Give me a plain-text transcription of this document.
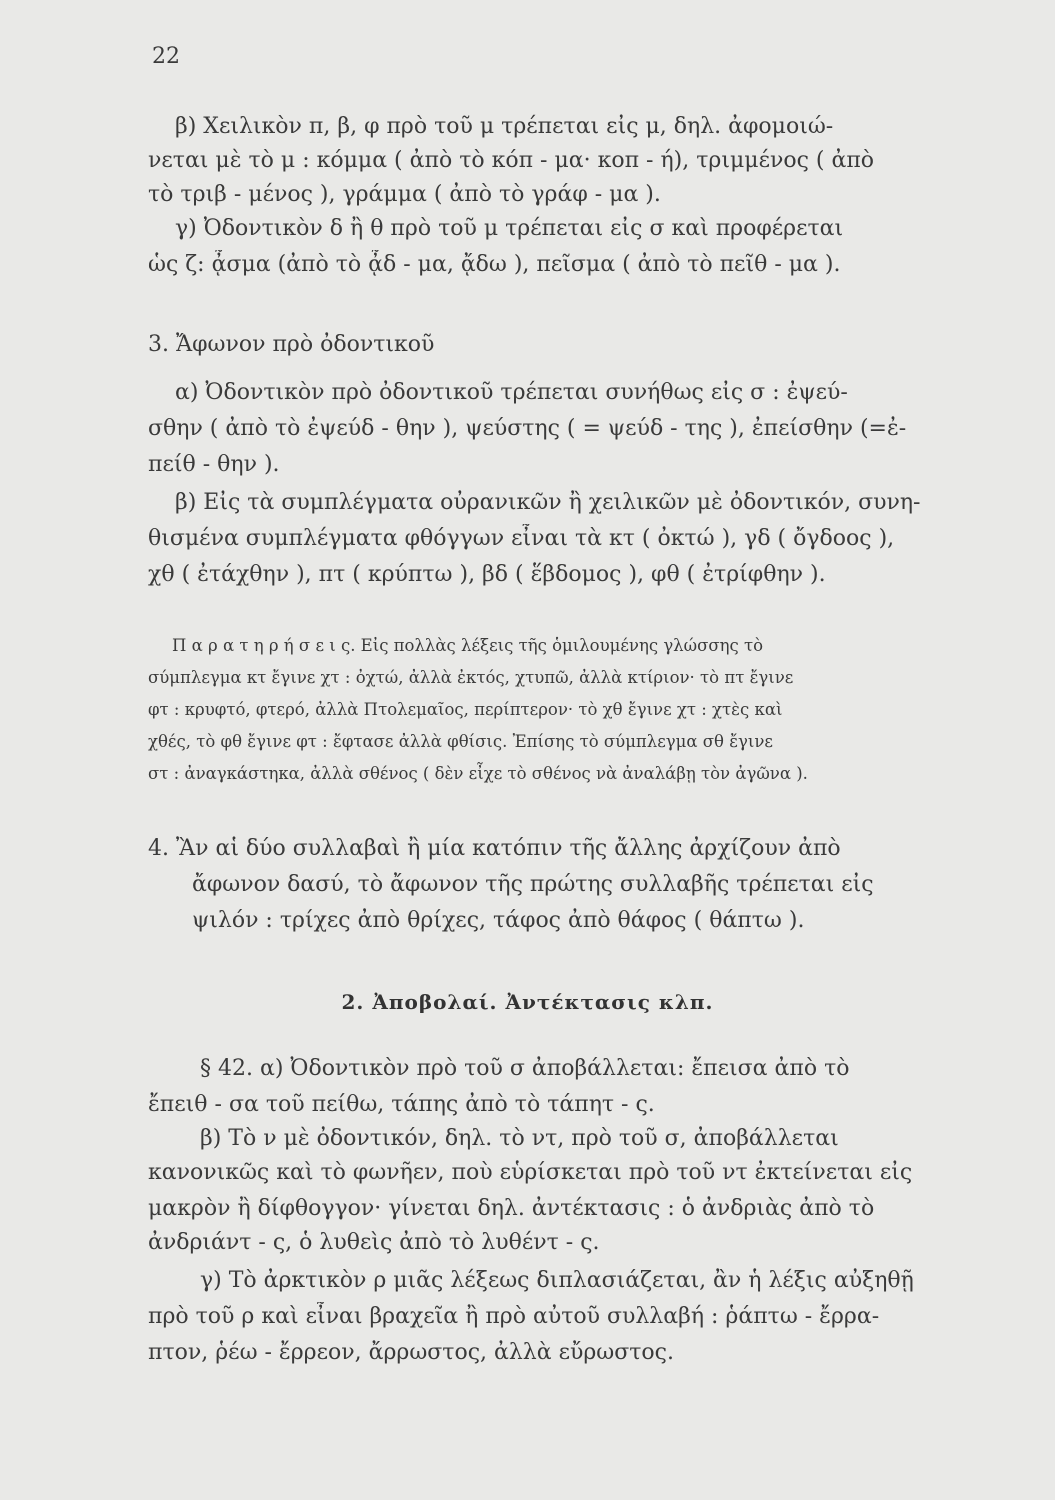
22
β) Χειλικὸν π, β, φ πρὸ τοῦ μ τρέπεται εἰς μ, δηλ. ἀφομοιώ-
νεται μὲ τὸ μ : κόμμα ( ἀπὸ τὸ κόπ - μα· κοπ - ή), τριμμένος ( ἀπὸ
τὸ τριβ - μένος ), γράμμα ( ἀπὸ τὸ γράφ - μα ).
γ) Ὀδοντικὸν δ ἢ θ πρὸ τοῦ μ τρέπεται εἰς σ καὶ προφέρεται
ὡς ζ: ᾆσμα (ἀπὸ τὸ ᾆδ - μα, ᾄδω ), πεῖσμα ( ἀπὸ τὸ πεῖθ - μα ).
3. Ἄφωνον πρὸ ὀδοντικοῦ
α) Ὀδοντικὸν πρὸ ὀδοντικοῦ τρέπεται συνήθως εἰς σ : ἐψεύ-
σθην ( ἀπὸ τὸ ἐψεύδ - θην ), ψεύστης ( = ψεύδ - της ), ἐπείσθην (=ἐ-
πείθ - θην ).
β) Εἰς τὰ συμπλέγματα οὐρανικῶν ἢ χειλικῶν μὲ ὀδοντικόν, συνη-
θισμένα συμπλέγματα φθόγγων εἶναι τὰ κτ ( ὀκτώ ), γδ ( ὄγδοος ),
χθ ( ἐτάχθην ), πτ ( κρύπτω ), βδ ( ἕβδομος ), φθ ( ἐτρίφθην ).
Π α ρ α τ η ρ ή σ ε ι ς. Εἰς πολλὰς λέξεις τῆς ὁμιλουμένης γλώσσης τὸ
σύμπλεγμα κτ ἔγινε χτ : ὀχτώ, ἀλλὰ ἐκτός, χτυπῶ, ἀλλὰ κτίριον· τὸ πτ ἔγινε
φτ : κρυφτό, φτερό, ἀλλὰ Πτολεμαῖος, περίπτερον· τὸ χθ ἔγινε χτ : χτὲς καὶ
χθές, τὸ φθ ἔγινε φτ : ἔφτασε ἀλλὰ φθίσις. Ἐπίσης τὸ σύμπλεγμα σθ ἔγινε
στ : ἀναγκάστηκα, ἀλλὰ σθένος ( δὲν εἶχε τὸ σθένος νὰ ἀναλάβῃ τὸν ἀγῶνα ).
4. Ἂν αἱ δύο συλλαβαὶ ἢ μία κατόπιν τῆς ἄλλης ἀρχίζουν ἀπὸ
ἄφωνον δασύ, τὸ ἄφωνον τῆς πρώτης συλλαβῆς τρέπεται εἰς
ψιλόν : τρίχες ἀπὸ θρίχες, τάφος ἀπὸ θάφος ( θάπτω ).
2. Ἀποβολαί. Ἀντέκτασις κλπ.
§ 42. α) Ὀδοντικὸν πρὸ τοῦ σ ἀποβάλλεται: ἔπεισα ἀπὸ τὸ
ἔπειθ - σα τοῦ πείθω, τάπης ἀπὸ τὸ τάπητ - ς.
β) Τὸ ν μὲ ὀδοντικόν, δηλ. τὸ ντ, πρὸ τοῦ σ, ἀποβάλλεται
κανονικῶς καὶ τὸ φωνῆεν, ποὺ εὑρίσκεται πρὸ τοῦ ντ ἐκτείνεται εἰς
μακρὸν ἢ δίφθογγον· γίνεται δηλ. ἀντέκτασις : ὁ ἀνδριὰς ἀπὸ τὸ
ἀνδριάντ - ς, ὁ λυθεὶς ἀπὸ τὸ λυθέντ - ς.
γ) Τὸ ἀρκτικὸν ρ μιᾶς λέξεως διπλασιάζεται, ἂν ἡ λέξις αὐξηθῇ
πρὸ τοῦ ρ καὶ εἶναι βραχεῖα ἢ πρὸ αὐτοῦ συλλαβή : ῥάπτω - ἔρρα-
πτον, ῥέω - ἔρρεον, ἄρρωστος, ἀλλὰ εὔρωστος.
